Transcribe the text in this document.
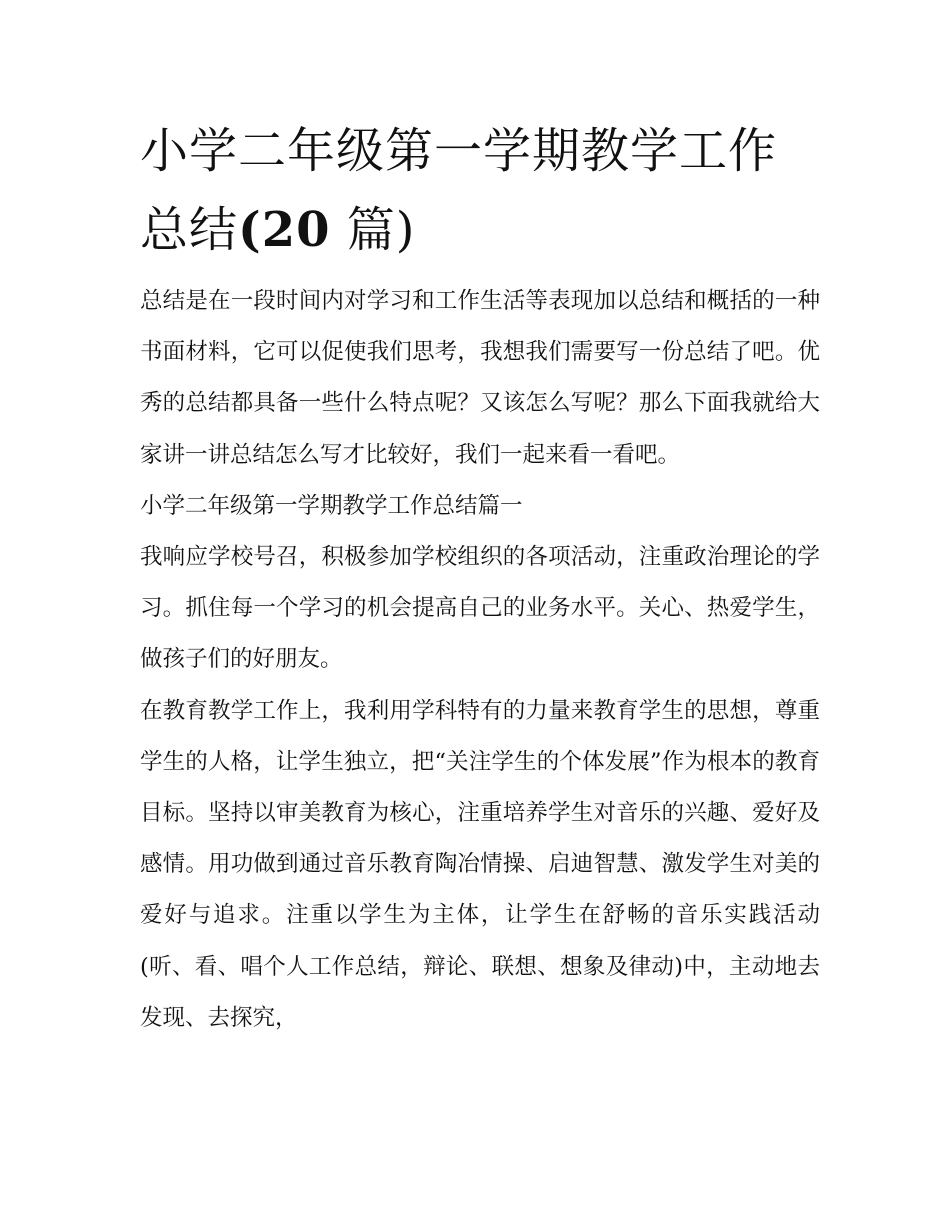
小学二年级第一学期教学工作总结(20 篇)

总结是在一段时间内对学习和工作生活等表现加以总结和概括的一种书面材料，它可以促使我们思考，我想我们需要写一份总结了吧。优秀的总结都具备一些什么特点呢？又该怎么写呢？那么下面我就给大家讲一讲总结怎么写才比较好，我们一起来看一看吧。

小学二年级第一学期教学工作总结篇一

我响应学校号召，积极参加学校组织的各项活动，注重政治理论的学习。抓住每一个学习的机会提高自己的业务水平。关心、热爱学生，做孩子们的好朋友。

在教育教学工作上，我利用学科特有的力量来教育学生的思想，尊重学生的人格，让学生独立，把“关注学生的个体发展”作为根本的教育目标。坚持以审美教育为核心，注重培养学生对音乐的兴趣、爱好及感情。用功做到通过音乐教育陶冶情操、启迪智慧、激发学生对美的爱好与追求。注重以学生为主体，让学生在舒畅的音乐实践活动(听、看、唱个人工作总结，辩论、联想、想象及律动)中，主动地去发现、去探究，
